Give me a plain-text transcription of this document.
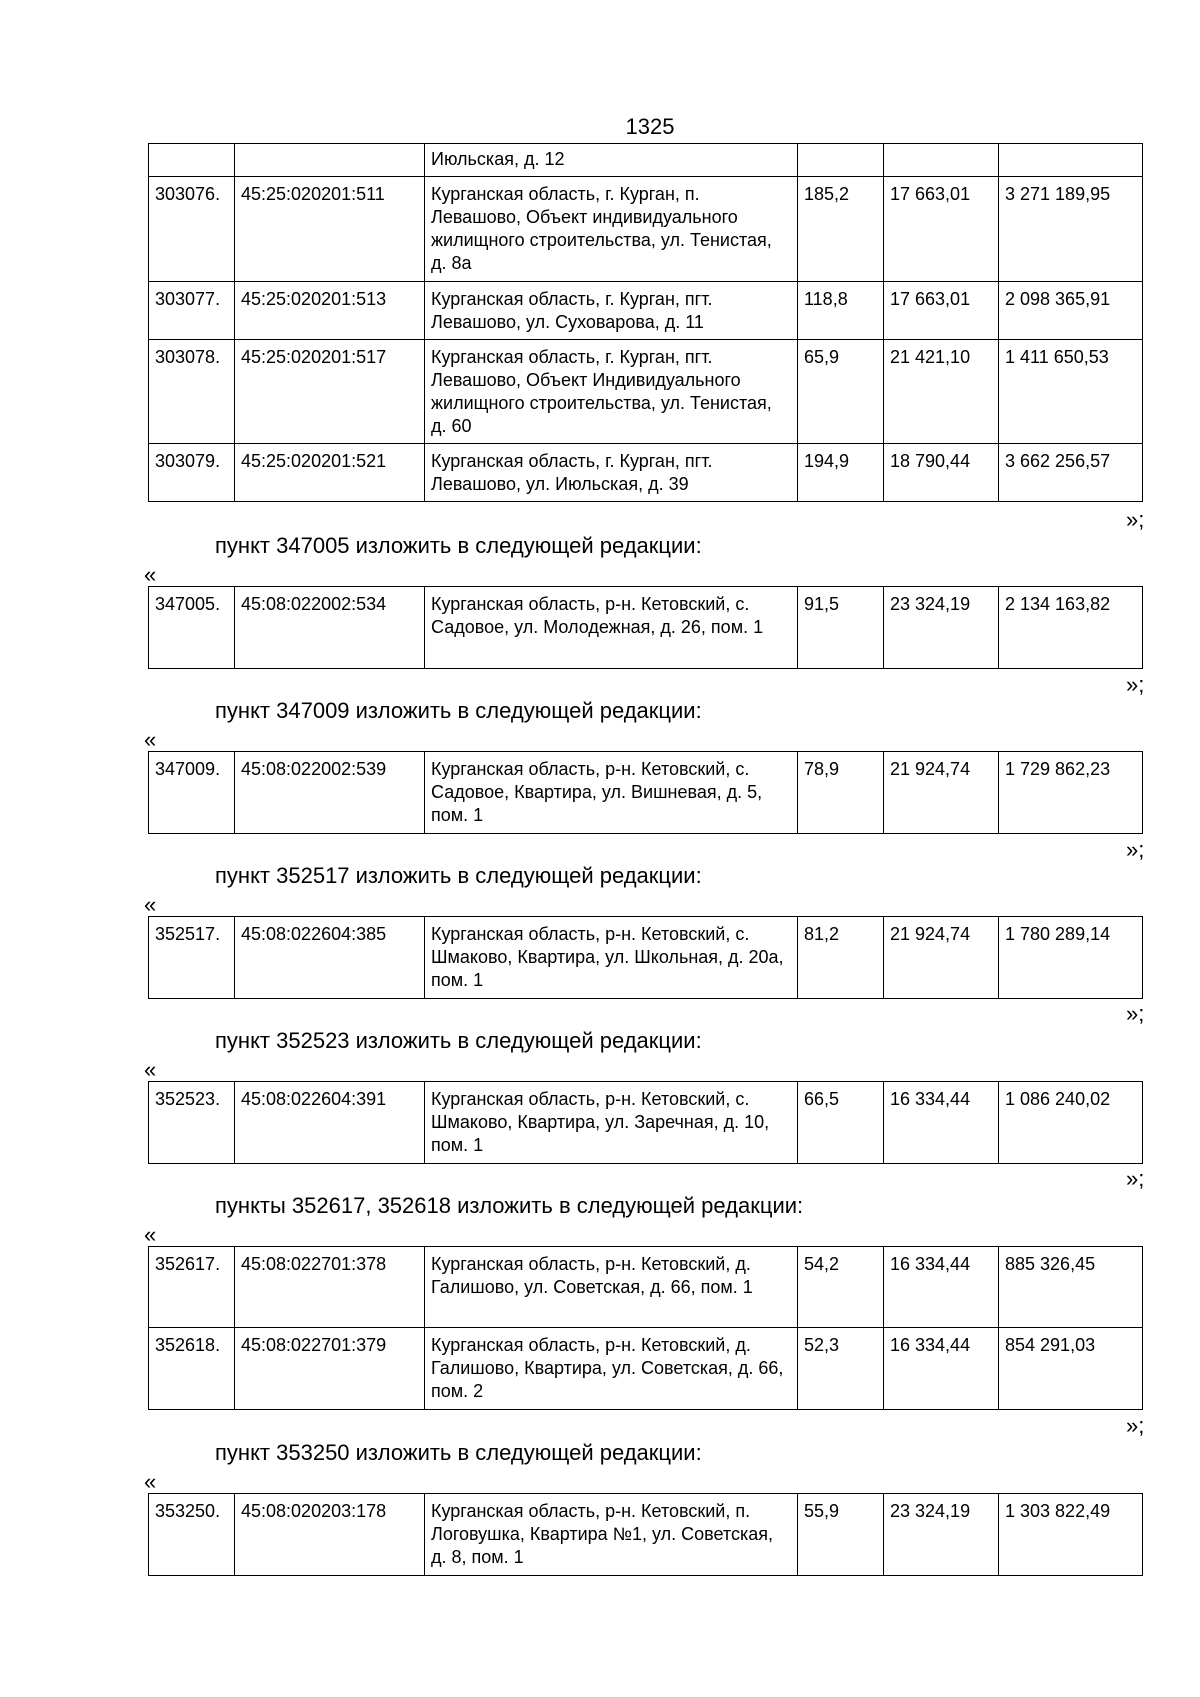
1325
		Июльская, д. 12			
303076.	45:25:020201:511	Курганская область, г. Курган, п. Левашово, Объект индивидуального жилищного строительства, ул. Тенистая, д. 8а	185,2	17 663,01	3 271 189,95
303077.	45:25:020201:513	Курганская область, г. Курган, пгт. Левашово, ул. Суховарова, д. 11	118,8	17 663,01	2 098 365,91
303078.	45:25:020201:517	Курганская область, г. Курган, пгт. Левашово, Объект Индивидуального жилищного строительства, ул. Тенистая, д. 60	65,9	21 421,10	1 411 650,53
303079.	45:25:020201:521	Курганская область, г. Курган, пгт. Левашово, ул. Июльская, д. 39	194,9	18 790,44	3 662 256,57
»;
пункт 347005 изложить в следующей редакции:
«
347005.	45:08:022002:534	Курганская область, р-н. Кетовский, с. Садовое, ул. Молодежная, д. 26, пом. 1	91,5	23 324,19	2 134 163,82
»;
пункт 347009 изложить в следующей редакции:
«
347009.	45:08:022002:539	Курганская область, р-н. Кетовский, с. Садовое, Квартира, ул. Вишневая, д. 5, пом. 1	78,9	21 924,74	1 729 862,23
»;
пункт 352517 изложить в следующей редакции:
«
352517.	45:08:022604:385	Курганская область, р-н. Кетовский, с. Шмаково, Квартира, ул. Школьная, д. 20а, пом. 1	81,2	21 924,74	1 780 289,14
»;
пункт 352523 изложить в следующей редакции:
«
352523.	45:08:022604:391	Курганская область, р-н. Кетовский, с. Шмаково, Квартира, ул. Заречная, д. 10, пом. 1	66,5	16 334,44	1 086 240,02
»;
пункты 352617, 352618 изложить в следующей редакции:
«
352617.	45:08:022701:378	Курганская область, р-н. Кетовский, д. Галишово, ул. Советская, д. 66, пом. 1	54,2	16 334,44	885 326,45
352618.	45:08:022701:379	Курганская область, р-н. Кетовский, д. Галишово, Квартира, ул. Советская, д. 66, пом. 2	52,3	16 334,44	854 291,03
»;
пункт 353250 изложить в следующей редакции:
«
353250.	45:08:020203:178	Курганская область, р-н. Кетовский, п. Логовушка, Квартира №1, ул. Советская, д. 8, пом. 1	55,9	23 324,19	1 303 822,49
